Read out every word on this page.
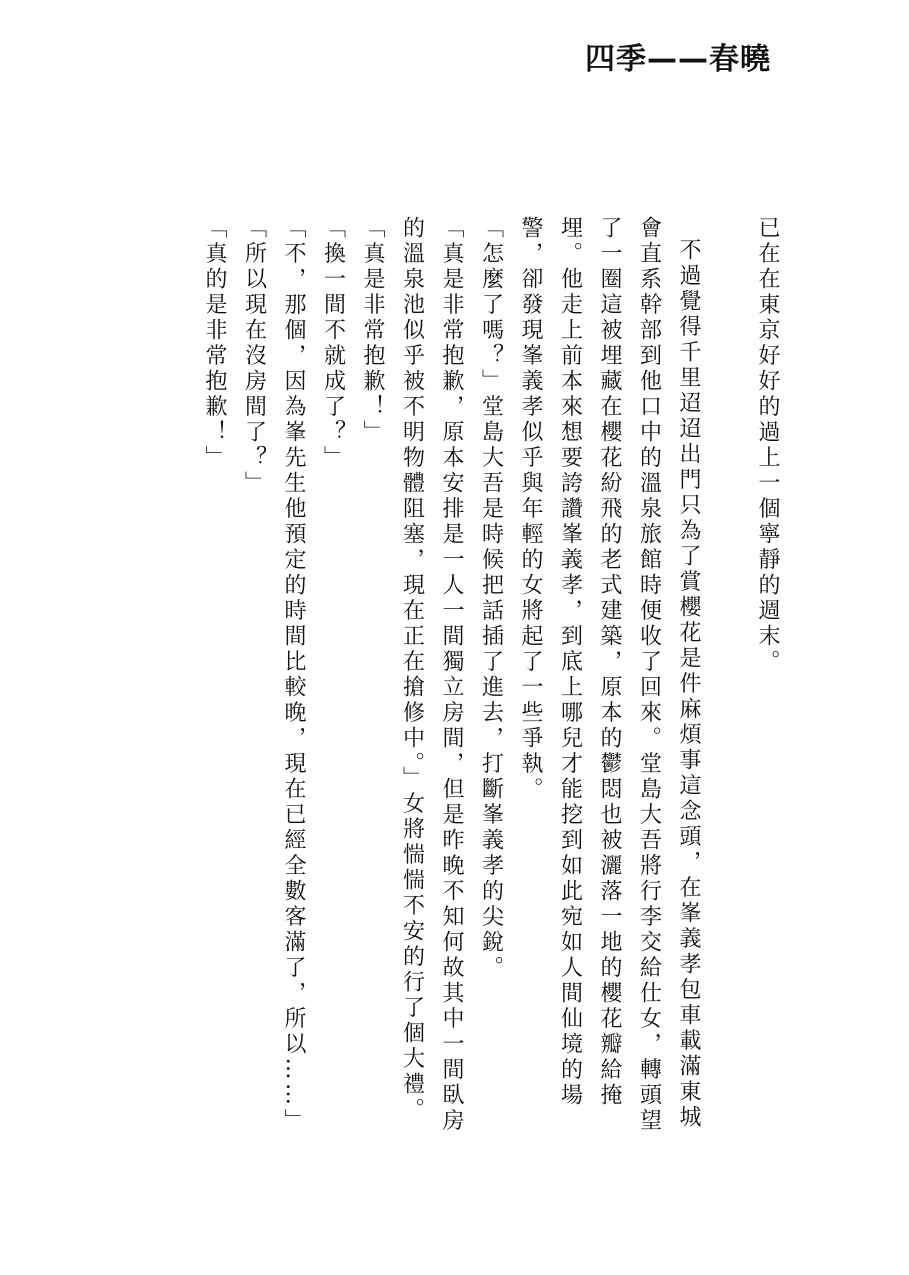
四季——春曉

已在在東京好好的過上一個寧靜的週末。

不過覺得千里迢迢出門只為了賞櫻花是件麻煩事這念頭，在峯義孝包車載滿東城會直系幹部到他口中的溫泉旅館時便收了回來。堂島大吾將行李交給仕女，轉頭望了一圈這被埋藏在櫻花紛飛的老式建築，原本的鬱悶也被灑落一地的櫻花瓣給掩埋。他走上前本來想要誇讚峯義孝，到底上哪兒才能挖到如此宛如人間仙境的場警，卻發現峯義孝似乎與年輕的女將起了一些爭執。

「怎麼了嗎？」堂島大吾是時候把話插了進去，打斷峯義孝的尖銳。

「真是非常抱歉，原本安排是一人一間獨立房間，但是昨晚不知何故其中一間臥房的溫泉池似乎被不明物體阻塞，現在正在搶修中。」女將惴惴不安的行了個大禮。「真是非常抱歉！」

「換一間不就成了？」

「不，那個，因為峯先生他預定的時間比較晚，現在已經全數客滿了，所以……」

「所以現在沒房間了？」

「真的是非常抱歉！」
